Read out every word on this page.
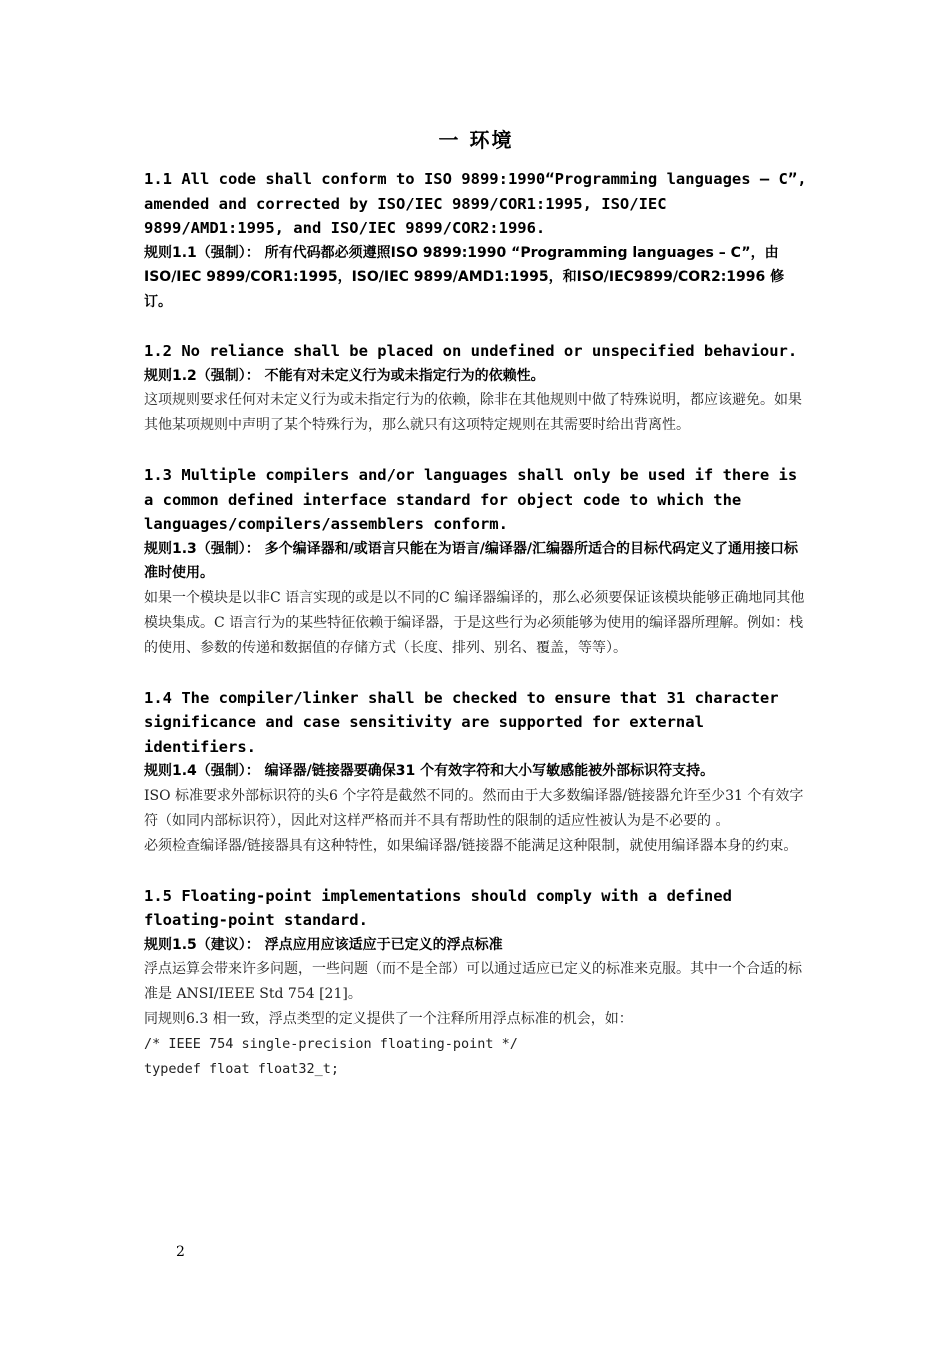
一 环境

1.1 All code shall conform to ISO 9899:1990“Programming languages – C”, amended and corrected by ISO/IEC 9899/COR1:1995, ISO/IEC 9899/AMD1:1995, and ISO/IEC 9899/COR2:1996.

规则1.1（强制）： 所有代码都必须遵照ISO 9899:1990 “Programming languages – C”，由ISO/IEC 9899/COR1:1995，ISO/IEC 9899/AMD1:1995，和ISO/IEC9899/COR2:1996 修订。

1.2 No reliance shall be placed on undefined or unspecified behaviour.

规则1.2（强制）： 不能有对未定义行为或未指定行为的依赖性。

这项规则要求任何对未定义行为或未指定行为的依赖，除非在其他规则中做了特殊说明，都应该避免。如果其他某项规则中声明了某个特殊行为，那么就只有这项特定规则在其需要时给出背离性。

1.3 Multiple compilers and/or languages shall only be used if there is a common defined interface standard for object code to which the languages/compilers/assemblers conform.

规则1.3（强制）： 多个编译器和/或语言只能在为语言/编译器/汇编器所适合的目标代码定义了通用接口标准时使用。

如果一个模块是以非C 语言实现的或是以不同的C 编译器编译的，那么必须要保证该模块能够正确地同其他模块集成。C 语言行为的某些特征依赖于编译器，于是这些行为必须能够为使用的编译器所理解。例如：栈的使用、参数的传递和数据值的存储方式（长度、排列、别名、覆盖，等等）。

1.4 The compiler/linker shall be checked to ensure that 31 character significance and case sensitivity are supported for external identifiers.

规则1.4（强制）： 编译器/链接器要确保31 个有效字符和大小写敏感能被外部标识符支持。

ISO 标准要求外部标识符的头6 个字符是截然不同的。然而由于大多数编译器/链接器允许至少31 个有效字符（如同内部标识符），因此对这样严格而并不具有帮助性的限制的适应性被认为是不必要的 。

必须检查编译器/链接器具有这种特性，如果编译器/链接器不能满足这种限制，就使用编译器本身的约束。

1.5 Floating-point implementations should comply with a defined floating-point standard.

规则1.5（建议）： 浮点应用应该适应于已定义的浮点标准

浮点运算会带来许多问题，一些问题（而不是全部）可以通过适应已定义的标准来克服。其中一个合适的标准是 ANSI/IEEE Std 754 [21]。

同规则6.3 相一致，浮点类型的定义提供了一个注释所用浮点标准的机会，如：

/* IEEE 754 single-precision floating-point */

typedef float float32_t;

2
